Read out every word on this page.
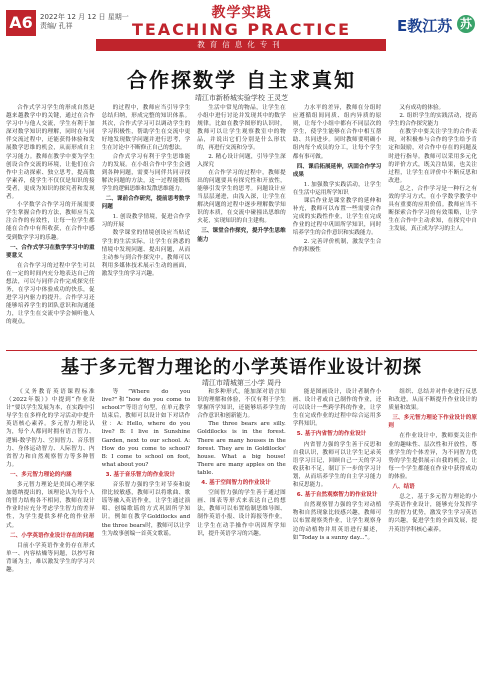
A6	2022年 12 月 12 日 星期一
责编/ 孔祥
教学实践
TEACHING PRACTICE
教育信息化专刊
E教江苏 苏
合作探数学 自主求真知
靖江市新桥城实验学校 王灵芝

合作式学习学生的形成自然是越来越教学中的关键，通过在合作学习中与他人交流，学生有利于加深对数学知识的理解，同时在与同伴交流过程中，还能获得体验和发展数学思维的机会，从而形成自主学习能力。教师在教学中要为学生创设合作交流的环境，让他们在合作中主动探索、独立思考，提高数学素养，使学生不仅仅是知识的接受者，更成为知识的探究者和发现者。

小学数学合作学习的开展需要学生掌握合作的方法，教师应当关注合作的有效性，让每一位学生都能在合作中有所收获，在合作中感受到数学学习的乐趣。

一、合作式学习在数学学习中的重要意义

在合作学习的过程中学生可以在一定的时间内充分地表达自己的想法，可以与同伴合作完成探究任务，在学习中体验成功的快乐，促进学习内驱力的提升。合作学习还能够培养学生的团队意识和沟通能力，让学生在交流中学会倾听他人的观点。

的过程中，教师应当引导学生总结归纳，形成完整的知识体系。其次，合作式学习可以调动学生的学习积极性，帮助学生在交流中更好地发现数学问题并进行思考，学生在讨论中不断修正自己的想法。

合作式学习有利于学生思维能力的发展。在小组合作中学生会遇到各种问题，需要与同伴共同寻找解决问题的方法，这一过程能锻炼学生的逻辑思维和发散思维能力。

二、课前合作研究，提前思考数学问题

1. 创设教学情境，促进合作学习的开展

数学课堂的情境创设应当贴近学生的生活实际，让学生在熟悉的情境中发现问题、提出问题，从而主动参与到合作探究中。教师可以利用多媒体技术展示生动的画面，激发学生的学习兴趣。

生活中常见的物品，让学生在小组中进行讨论并发现其中的数学规律。比如在教学图形的认识时，教师可以让学生观察教室中的物品，并说出它们分别是什么形状的，再进行交流和分享。

2. 精心设计问题，引导学生深入探究

在合作学习的过程中，教师提出的问题要具有探究性和开放性，能够引发学生的思考。问题设计应当层层递进，由浅入深，让学生在解决问题的过程中逐步理解数学知识的本质，在交流中碰撞出思维的火花，实现知识的自主建构。

三、课堂合作探究，提升学生思维能力

力水平的差异，教师在分组时应遵循组间同质、组内异质的原则，让每个小组中都有不同层次的学生，使学生能够在合作中相互帮助、共同进步。同时教师要明确小组内每个成员的分工，让每个学生都有事可做。

四、课后拓展延伸，巩固合作学习成果

1. 加强数学实践活动，让学生在生活中运用所学知识

课后作业是课堂教学的延伸和补充，教师可以布置一些需要合作完成的实践性作业，让学生在完成作业的过程中巩固所学知识，同时培养学生的合作意识和实践能力。

2. 完善评价机制，激发学生合作的积极性

又有成功的体验。

2. 组织学生的实践活动，提高学生的合作探究能力

在教学中要关注学生的合作表现，对积极参与合作的学生给予肯定和鼓励，对合作中存在的问题及时进行指导。教师可以采用多元化的评价方式，既关注结果，也关注过程，让学生在评价中不断反思和改进。

总之，合作学习是一种行之有效的学习方式，在小学数学教学中具有重要的应用价值。教师应当不断探索合作学习的有效策略，让学生在合作中主动求知，在探究中自主发展，真正成为学习的主人。

基于多元智力理论的小学英语作业设计初探
靖江市靖城第三小学 周丹

《义务教育英语课程标准（2022年版）》中提到“作业设计”要以学生发展为本，在实践中引导学生在多样化的学习活动中提升英语核心素养。多元智力理论认为，每个人都同时拥有语言智力、逻辑-数学智力、空间智力、音乐智力、身体运动智力、人际智力、内省智力和自然观察智力等多种智力。

一、多元智力理论的内涵

多元智力理论是美国心理学家加德纳提出的，该理论认为每个人的智力结构各不相同，教师在设计作业时应充分考虑学生智力的差异性，为学生提供多样化的作业形式。

二、小学英语作业设计存在的问题

目前小学英语作业仍存在形式单一、内容枯燥等问题，以抄写和背诵为主，难以激发学生的学习兴趣。

等”Where do you live?”和“how do you come to school?”等语言句型，在单元教学结束后，教师可以设计如下对话作业：A: Hello, where do you live? B: I live in Sunshine Garden, next to our school. A: How do you come to school? B: I come to school on foot, what about you?

3. 基于音乐智力的作业设计

音乐智力强的学生对节奏和旋律比较敏感，教师可以将歌曲、歌谣等融入英语作业，让学生通过演唱、创编歌谣的方式巩固所学知识。例如在教学Goldilocks and the three bears时，教师可以让学生为故事创编一首英文歌谣。

和多种形式，能加深对语言知识的理解和体验，不仅有利于学生掌握所学知识，还能够培养学生的合作意识和创新能力。

The three bears are silly. Goldilocks is in the forest. There are many houses in the forest. They are in Goldilocks' house. What a big house! There are many apples on the table.

4. 基于空间智力的作业设计

空间智力强的学生善于通过图画、图表等形式来表达自己的想法，教师可以布置绘制思维导图、制作英语小报、设计海报等作业，让学生在动手操作中巩固所学知识，提升英语学习的兴趣。

能是图画设计，设计者制作小画、设计者或自己制作的作业，还可以设计一些跨学科的作业，让学生在完成作业的过程中综合运用多学科知识。

5. 基于内省智力的作业设计

内省智力强的学生善于反思和自我认识，教师可以让学生记录英语学习日记，回顾自己一天的学习收获和不足，制订下一步的学习计划，从而培养学生的自主学习能力和反思能力。

6. 基于自然观察智力的作业设计

自然观察智力强的学生对动植物和自然现象比较感兴趣，教师可以布置观察类作业，让学生观察身边的动植物并用英语进行描述，如“Today is a sunny day...”。

组织、总结并对作业进行反思和改进，从而不断提升作业设计的质量和效果。

三、多元智力理论下作业设计的原则

在作业设计中，教师要关注作业的趣味性、层次性和开放性，尊重学生的个体差异，为不同智力优势的学生提供展示自我的机会，让每一个学生都能在作业中获得成功的体验。

八、结语

总之，基于多元智力理论的小学英语作业设计，能够充分发挥学生的智力优势，激发学生学习英语的兴趣，促进学生的全面发展，提升英语学科核心素养。
